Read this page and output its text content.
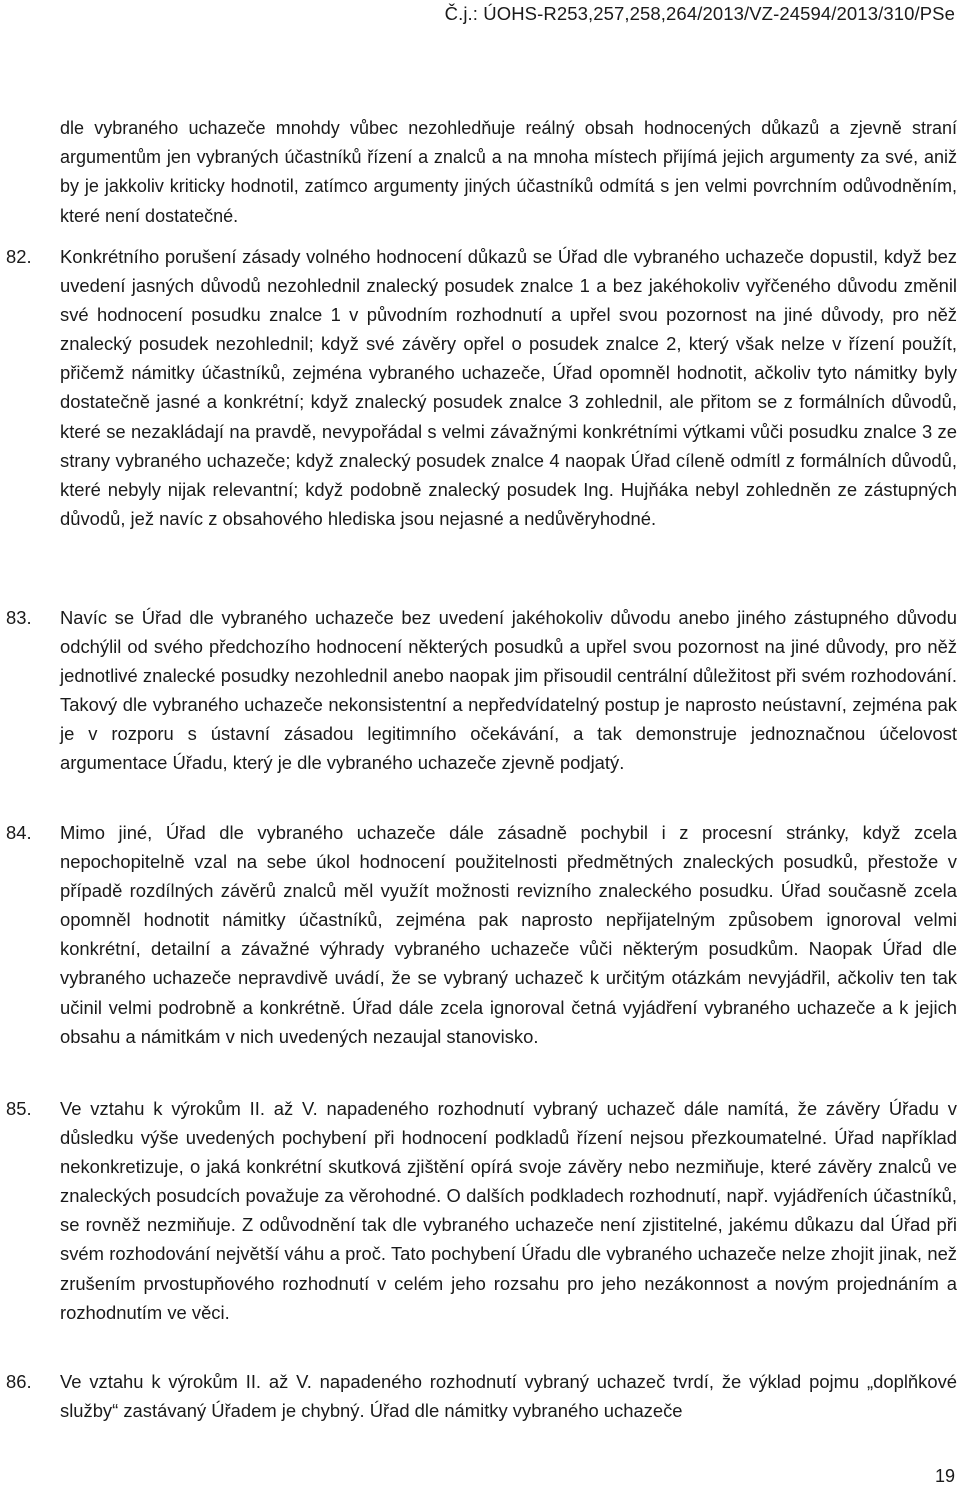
Č.j.: ÚOHS-R253,257,258,264/2013/VZ-24594/2013/310/PSe
dle vybraného uchazeče mnohdy vůbec nezohledňuje reálný obsah hodnocených důkazů a zjevně straní argumentům jen vybraných účastníků řízení a znalců a na mnoha místech přijímá jejich argumenty za své, aniž by je jakkoliv kriticky hodnotil, zatímco argumenty jiných účastníků odmítá s jen velmi povrchním odůvodněním, které není dostatečné.
82.	Konkrétního porušení zásady volného hodnocení důkazů se Úřad dle vybraného uchazeče dopustil, když bez uvedení jasných důvodů nezohlednil znalecký posudek znalce 1 a bez jakéhokoliv vyřčeného důvodu změnil své hodnocení posudku znalce 1 v původním rozhodnutí a upřel svou pozornost na jiné důvody, pro něž znalecký posudek nezohlednil; když své závěry opřel o posudek znalce 2, který však nelze v řízení použít, přičemž námitky účastníků, zejména vybraného uchazeče, Úřad opomněl hodnotit, ačkoliv tyto námitky byly dostatečně jasné a konkrétní; když znalecký posudek znalce 3 zohlednil, ale přitom se z formálních důvodů, které se nezakládají na pravdě, nevypořádal s velmi závažnými konkrétními výtkami vůči posudku znalce 3 ze strany vybraného uchazeče; když znalecký posudek znalce 4 naopak Úřad cíleně odmítl z formálních důvodů, které nebyly nijak relevantní; když podobně znalecký posudek Ing. Hujňáka nebyl zohledněn ze zástupných důvodů, jež navíc z obsahového hlediska jsou nejasné a nedůvěryhodné.
83.	Navíc se Úřad dle vybraného uchazeče bez uvedení jakéhokoliv důvodu anebo jiného zástupného důvodu odchýlil od svého předchozího hodnocení některých posudků a upřel svou pozornost na jiné důvody, pro něž jednotlivé znalecké posudky nezohlednil anebo naopak jim přisoudil centrální důležitost při svém rozhodování. Takový dle vybraného uchazeče nekonsistentní a nepředvídatelný postup je naprosto neústavní, zejména pak je v rozporu s ústavní zásadou legitimního očekávání, a tak demonstruje jednoznačnou účelovost argumentace Úřadu, který je dle vybraného uchazeče zjevně podjatý.
84.	Mimo jiné, Úřad dle vybraného uchazeče dále zásadně pochybil i z procesní stránky, když zcela nepochopitelně vzal na sebe úkol hodnocení použitelnosti předmětných znaleckých posudků, přestože v případě rozdílných závěrů znalců měl využít možnosti revizního znaleckého posudku. Úřad současně zcela opomněl hodnotit námitky účastníků, zejména pak naprosto nepřijatelným způsobem ignoroval velmi konkrétní, detailní a závažné výhrady vybraného uchazeče vůči některým posudkům. Naopak Úřad dle vybraného uchazeče nepravdivě uvádí, že se vybraný uchazeč k určitým otázkám nevyjádřil, ačkoliv ten tak učinil velmi podrobně a konkrétně. Úřad dále zcela ignoroval četná vyjádření vybraného uchazeče a k jejich obsahu a námitkám v nich uvedených nezaujal stanovisko.
85.	Ve vztahu k výrokům II. až V. napadeného rozhodnutí vybraný uchazeč dále namítá, že závěry Úřadu v důsledku výše uvedených pochybení při hodnocení podkladů řízení nejsou přezkoumatelné. Úřad například nekonkretizuje, o jaká konkrétní skutková zjištění opírá svoje závěry nebo nezmiňuje, které závěry znalců ve znaleckých posudcích považuje za věrohodné. O dalších podkladech rozhodnutí, např. vyjádřeních účastníků, se rovněž nezmiňuje. Z odůvodnění tak dle vybraného uchazeče není zjistitelné, jakému důkazu dal Úřad při svém rozhodování největší váhu a proč. Tato pochybení Úřadu dle vybraného uchazeče nelze zhojit jinak, než zrušením prvostupňového rozhodnutí v celém jeho rozsahu pro jeho nezákonnost a novým projednáním a rozhodnutím ve věci.
86.	Ve vztahu k výrokům II. až V. napadeného rozhodnutí vybraný uchazeč tvrdí, že výklad pojmu „doplňkové služby“ zastávaný Úřadem je chybný. Úřad dle námitky vybraného uchazeče
19
